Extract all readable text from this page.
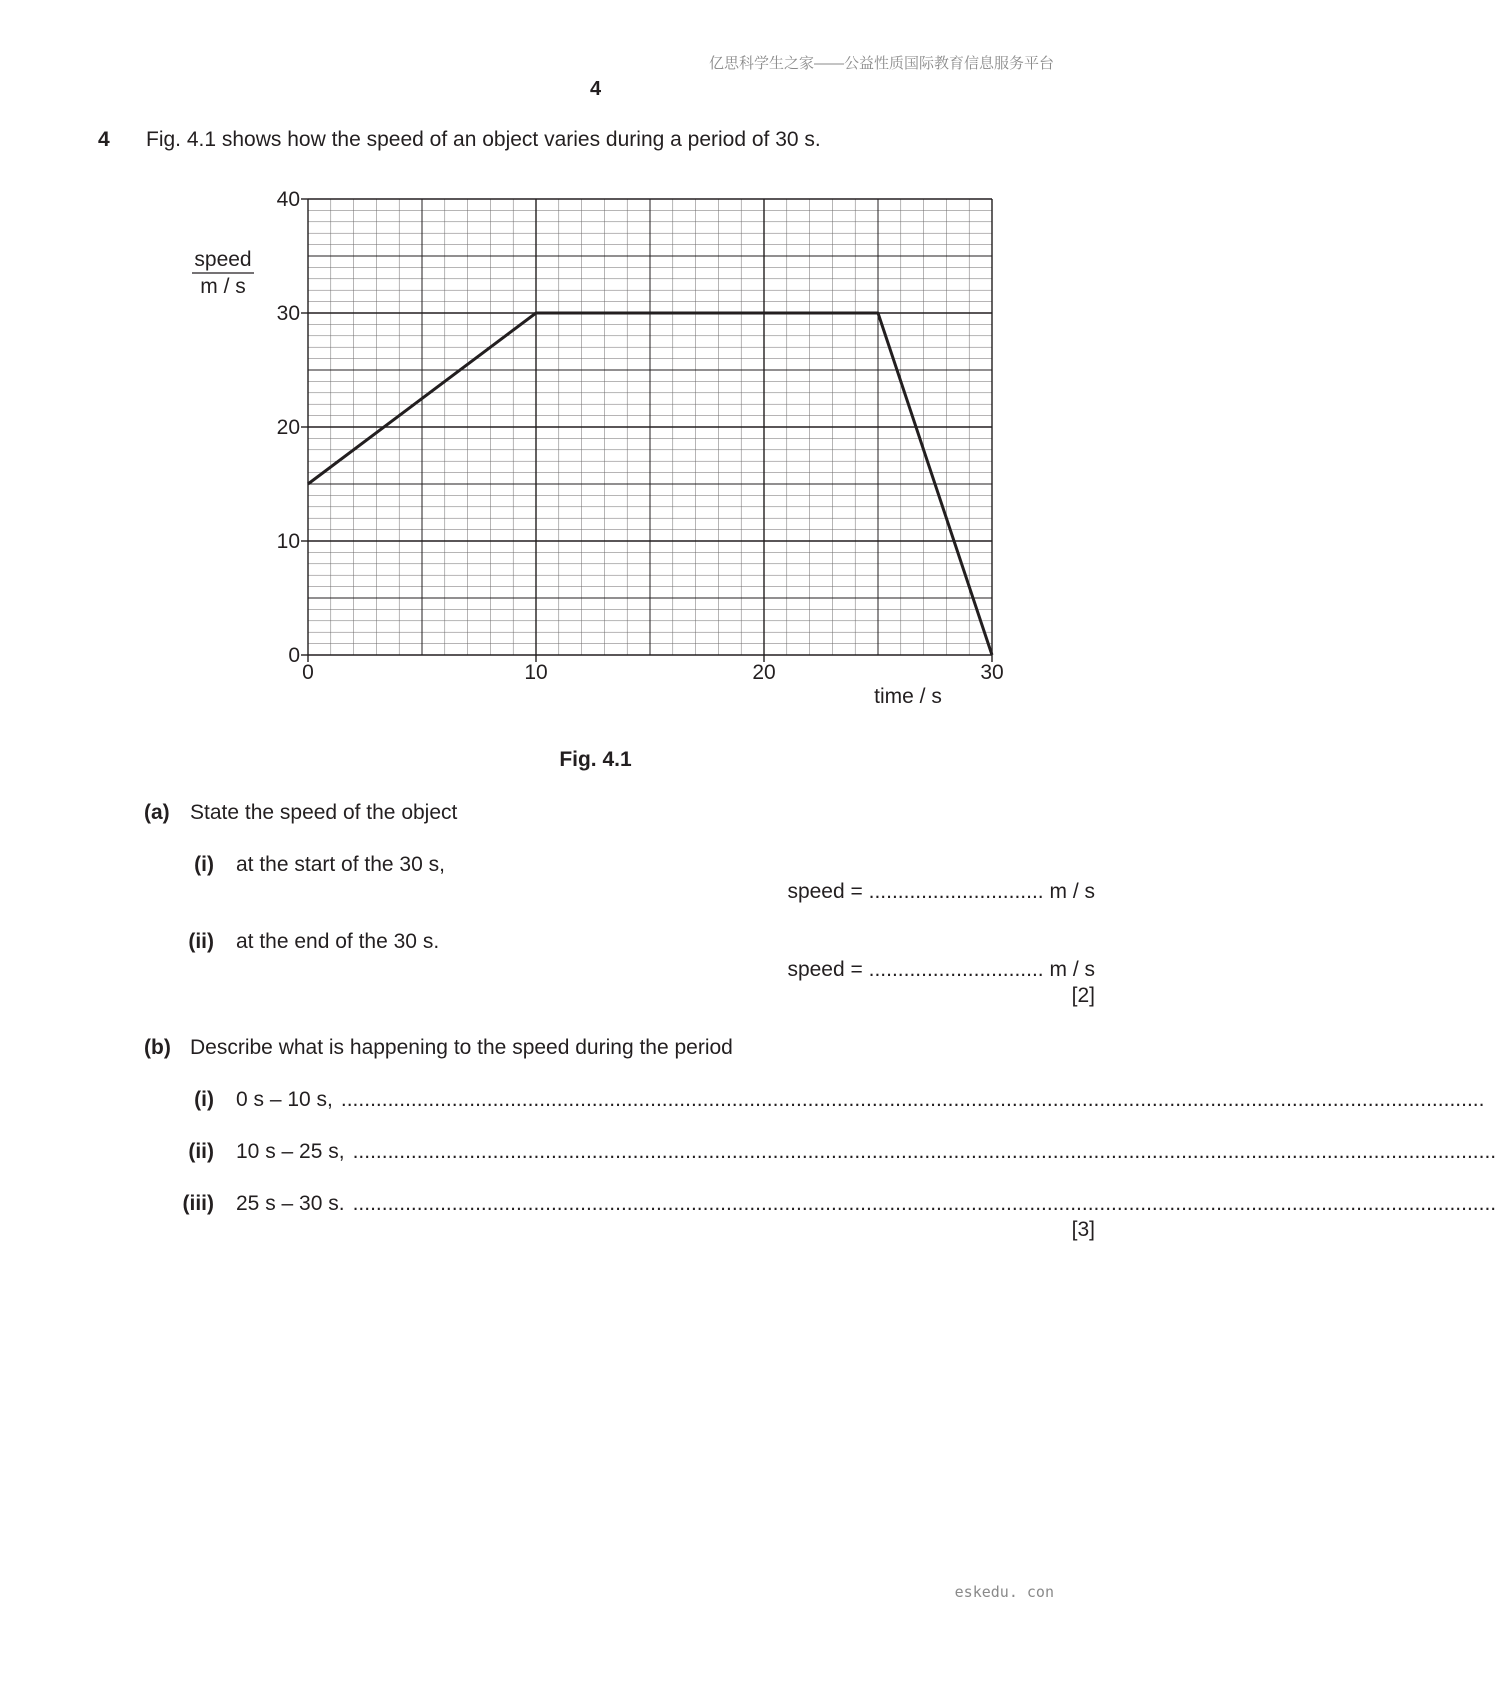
亿思科学生之家——公益性质国际教育信息服务平台
4
4 Fig. 4.1 shows how the speed of an object varies during a period of 30 s.
0	10	20	30
0
10
20
30
40
speed
m / s
time / s
Fig. 4.1
(a) State the speed of the object
(i) at the start of the 30 s,
speed = .............................. m / s
(ii) at the end of the 30 s.
speed = .............................. m / s
[2]
(b) Describe what is happening to the speed during the period
(i) 0 s – 10 s, ....................................................................................................................................................................................................
(ii) 10 s – 25 s, ....................................................................................................................................................................................................
(iii) 25 s – 30 s. ....................................................................................................................................................................................................
[3]
eskedu. con
